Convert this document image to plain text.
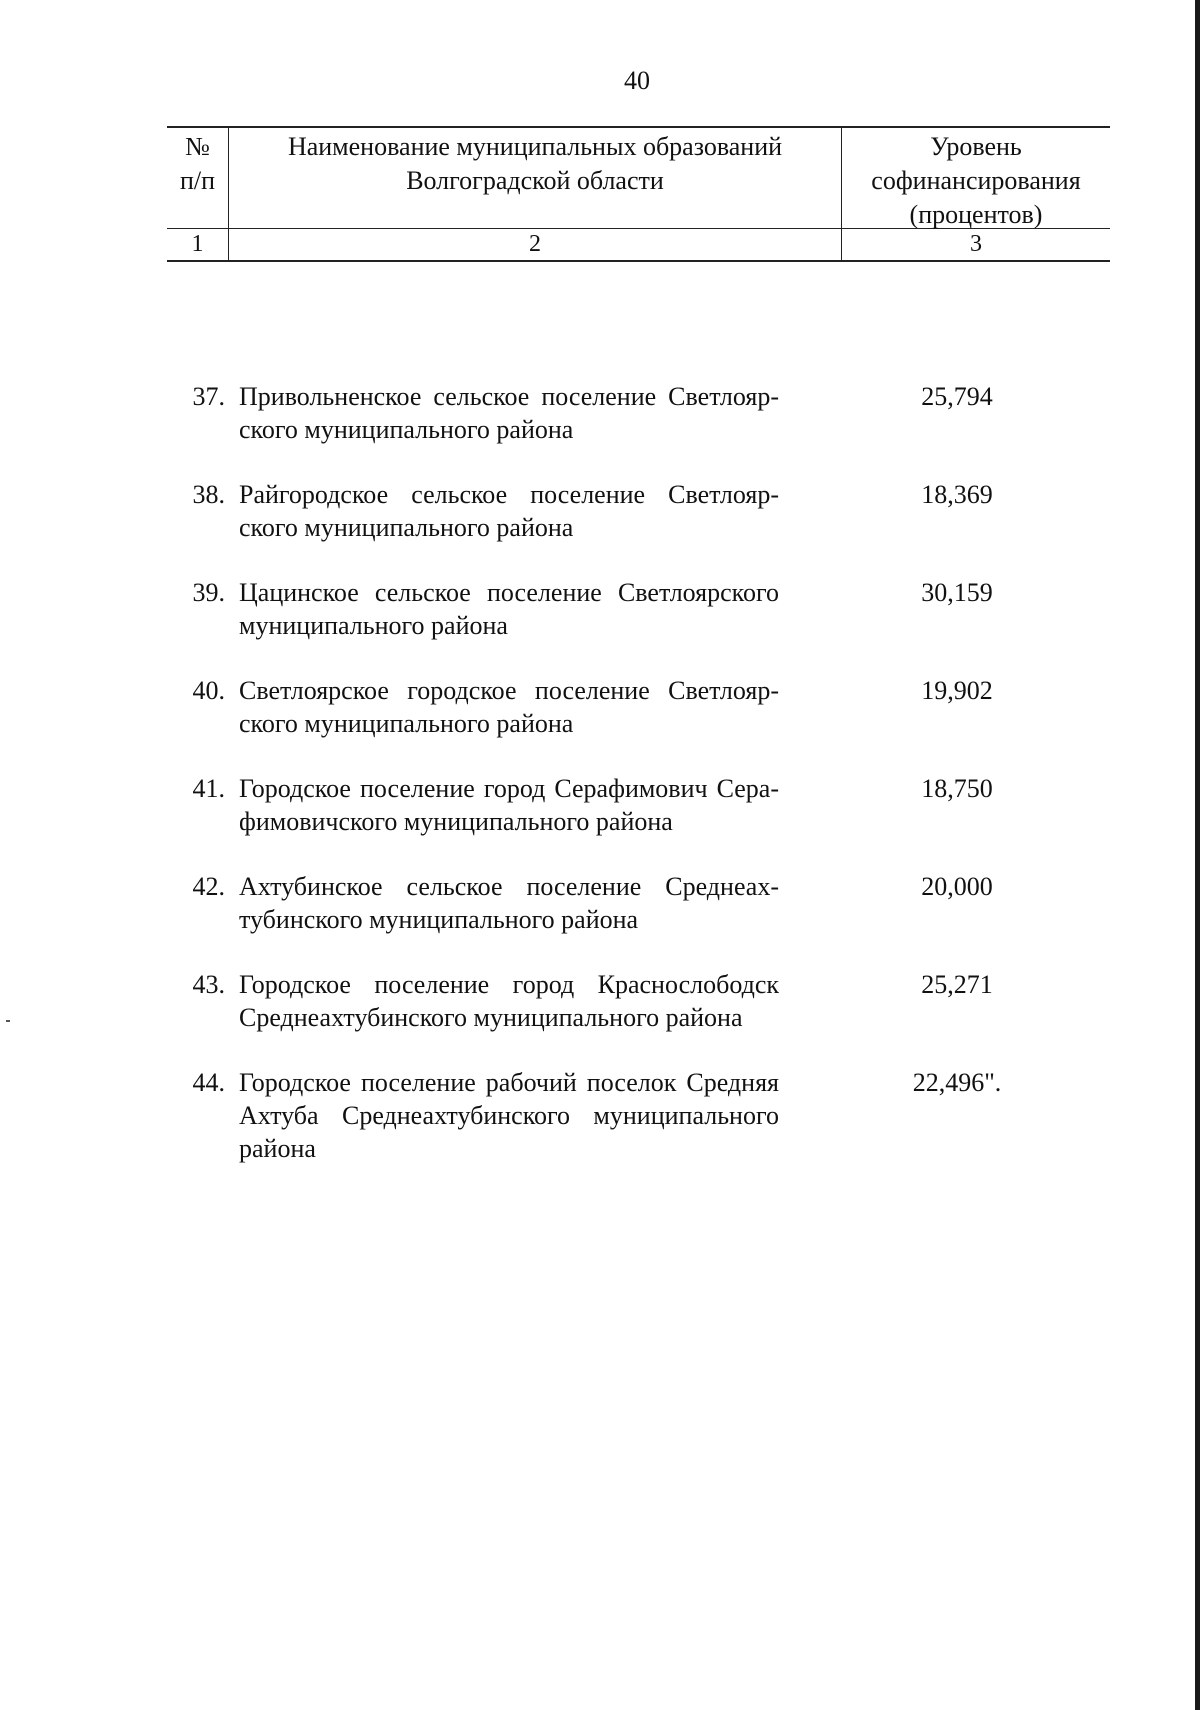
40
№
п/п
Наименование муниципальных образований
Волгоградской области
Уровень
софинансирования
(процентов)
1	2	3
37. Привольненское сельское поселение Светлояр-
ского муниципального района
25,794
38. Райгородское сельское поселение Светлояр-
ского муниципального района
18,369
39. Цацинское сельское поселение Светлоярского
муниципального района
30,159
40. Светлоярское городское поселение Светлояр-
ского муниципального района
19,902
41. Городское поселение город Серафимович Сера-
фимовичского муниципального района
18,750
42. Ахтубинское сельское поселение Среднеах-
тубинского муниципального района
20,000
43. Городское поселение город Краснослободск
Среднеахтубинского муниципального района
25,271
44. Городское поселение рабочий поселок Средняя
Ахтуба Среднеахтубинского муниципального
района
22,496".
